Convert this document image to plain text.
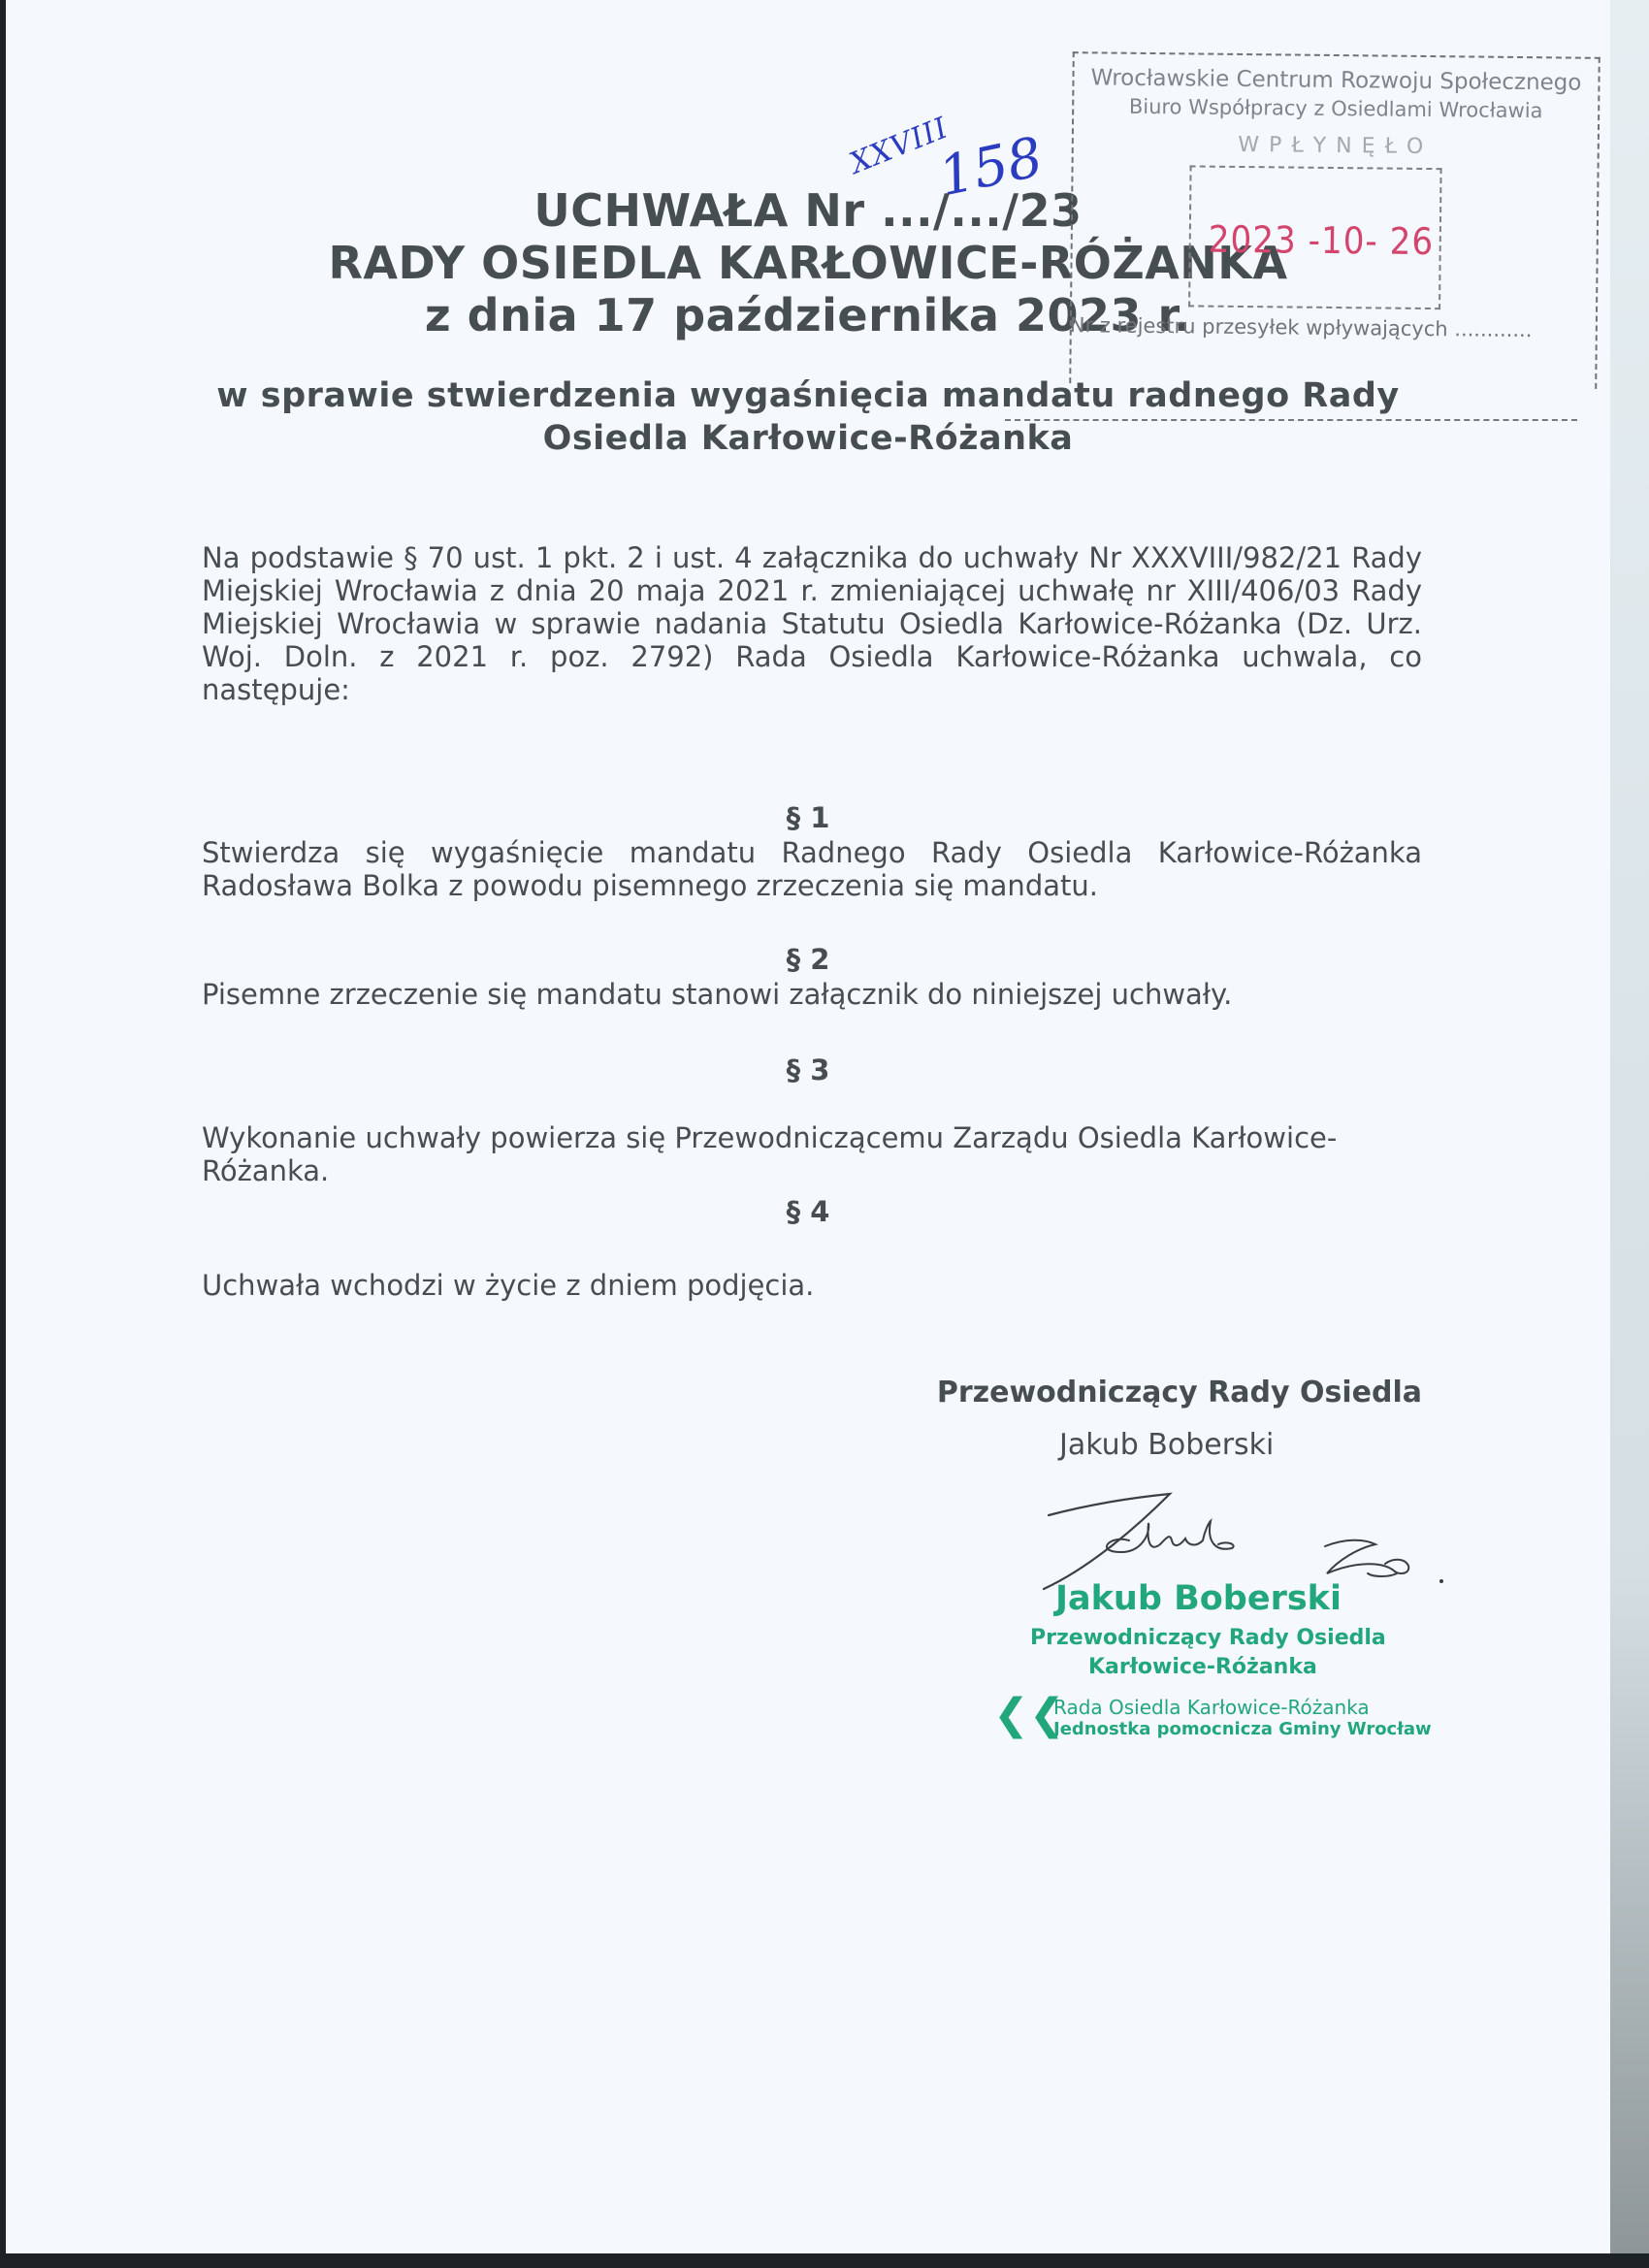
XXVIII
158
UCHWAŁA Nr .../.../23
RADY OSIEDLA KARŁOWICE-RÓŻANKA
z dnia 17 października 2023 r.
w sprawie stwierdzenia wygaśnięcia mandatu radnego Rady
Osiedla Karłowice-Różanka
Wrocławskie Centrum Rozwoju Społecznego
Biuro Współpracy z Osiedlami Wrocławia
WPŁYNĘŁO
2023 -10- 26
Nr z rejestru przesyłek wpływających ............
Na podstawie § 70 ust. 1 pkt. 2 i ust. 4 załącznika do uchwały Nr XXXVIII/982/21 Rady Miejskiej Wrocławia z dnia 20 maja 2021 r. zmieniającej uchwałę nr XIII/406/03 Rady Miejskiej Wrocławia w sprawie nadania Statutu Osiedla Karłowice-Różanka (Dz. Urz. Woj. Doln. z 2021 r. poz. 2792) Rada Osiedla Karłowice-Różanka uchwala, co następuje:
§ 1
Stwierdza się wygaśnięcie mandatu Radnego Rady Osiedla Karłowice-Różanka Radosława Bolka z powodu pisemnego zrzeczenia się mandatu.
§ 2
Pisemne zrzeczenie się mandatu stanowi załącznik do niniejszej uchwały.
§ 3
Wykonanie uchwały powierza się Przewodniczącemu Zarządu Osiedla Karłowice-Różanka.
§ 4
Uchwała wchodzi w życie z dniem podjęcia.
Przewodniczący Rady Osiedla
Jakub Boberski
Jakub Boberski
Przewodniczący Rady Osiedla
Karłowice-Różanka
❮❮
Rada Osiedla Karłowice-Różanka
Jednostka pomocnicza Gminy Wrocław
